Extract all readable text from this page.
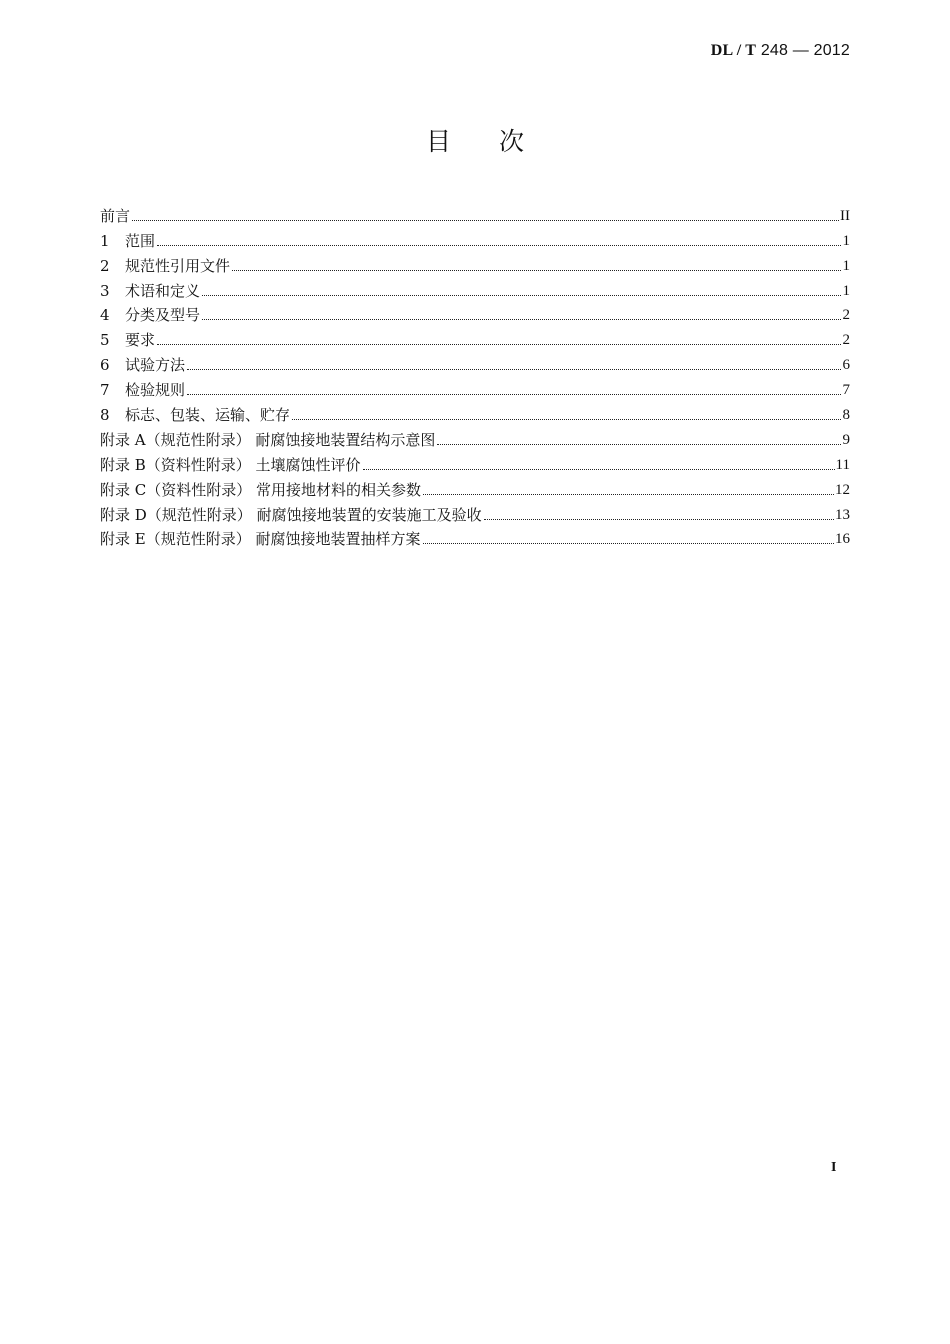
DL / T 248 — 2012
目次
前言	II
1	范围	1
2	规范性引用文件	1
3	术语和定义	1
4	分类及型号	2
5	要求	2
6	试验方法	6
7	检验规则	7
8	标志、包装、运输、贮存	8
附录 A（规范性附录） 耐腐蚀接地装置结构示意图	9
附录 B（资料性附录） 土壤腐蚀性评价	11
附录 C（资料性附录） 常用接地材料的相关参数	12
附录 D（规范性附录） 耐腐蚀接地装置的安装施工及验收	13
附录 E（规范性附录） 耐腐蚀接地装置抽样方案	16
I
